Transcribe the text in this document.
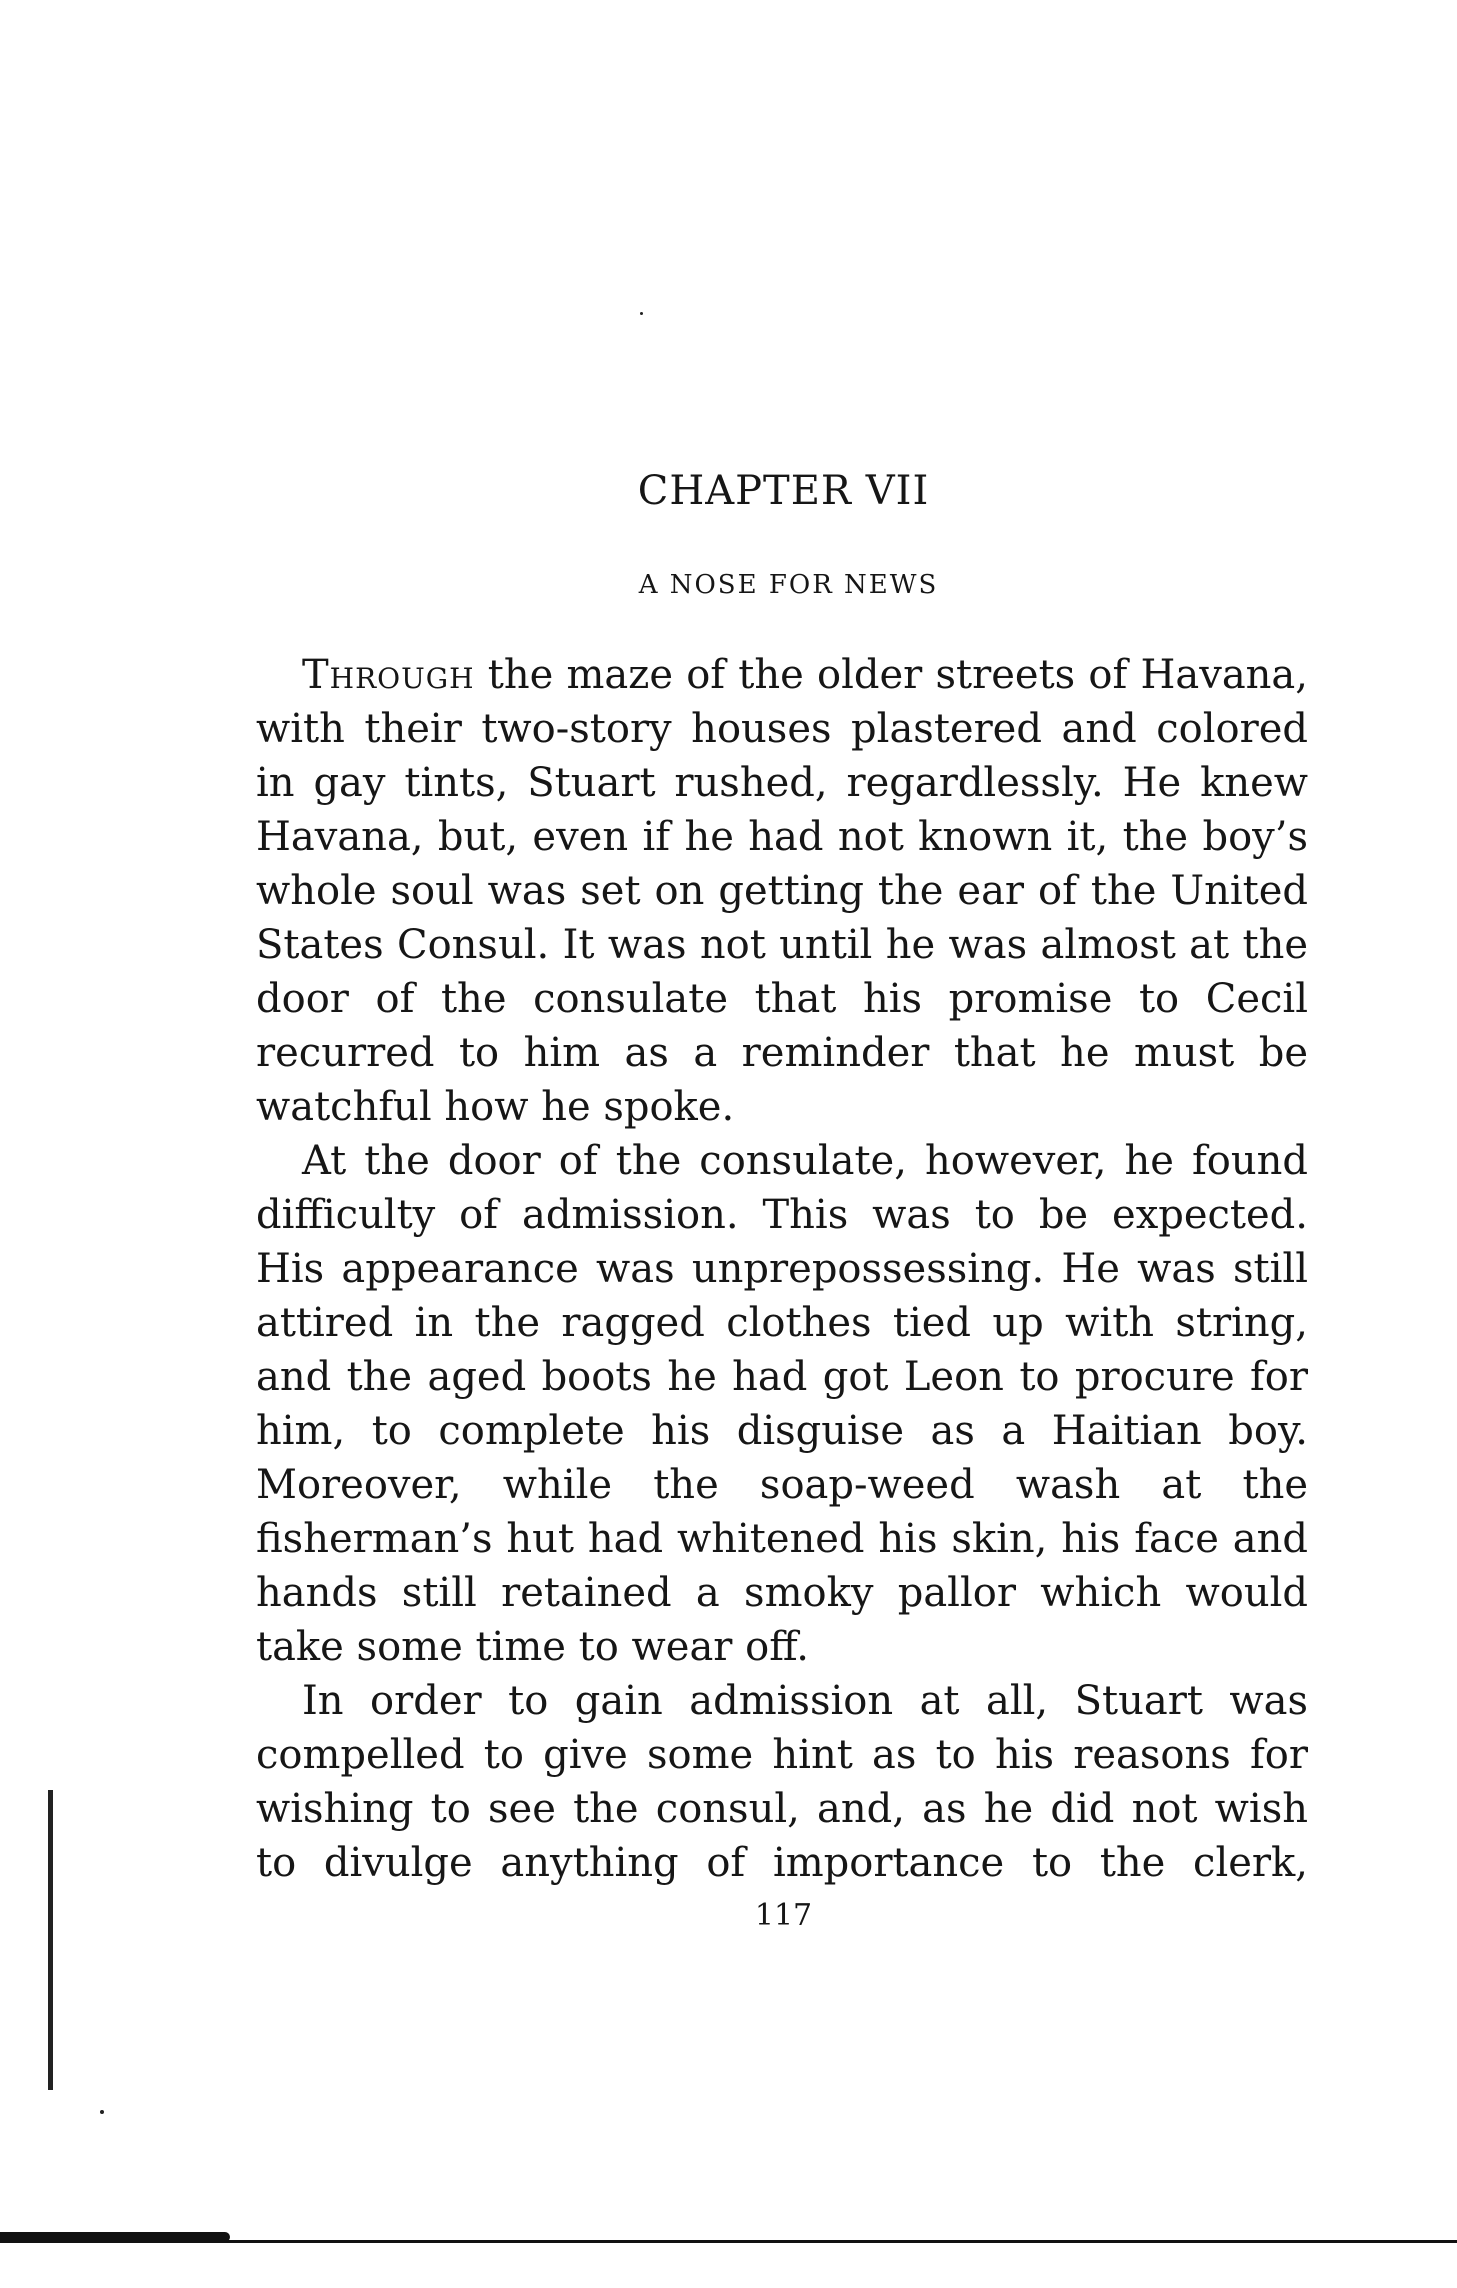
CHAPTER VII
A NOSE FOR NEWS

Through the maze of the older streets of Havana, with their two-story houses plastered and colored in gay tints, Stuart rushed, regardlessly. He knew Havana, but, even if he had not known it, the boy’s whole soul was set on getting the ear of the United States Consul. It was not until he was almost at the door of the consulate that his promise to Cecil recurred to him as a reminder that he must be watchful how he spoke.

At the door of the consulate, however, he found difficulty of admission. This was to be expected. His appearance was unprepossessing. He was still attired in the ragged clothes tied up with string, and the aged boots he had got Leon to procure for him, to complete his disguise as a Haitian boy. Moreover, while the soap-weed wash at the fisherman’s hut had whitened his skin, his face and hands still retained a smoky pallor which would take some time to wear off.

In order to gain admission at all, Stuart was compelled to give some hint as to his reasons for wishing to see the consul, and, as he did not wish to divulge anything of importance to the clerk,

117
